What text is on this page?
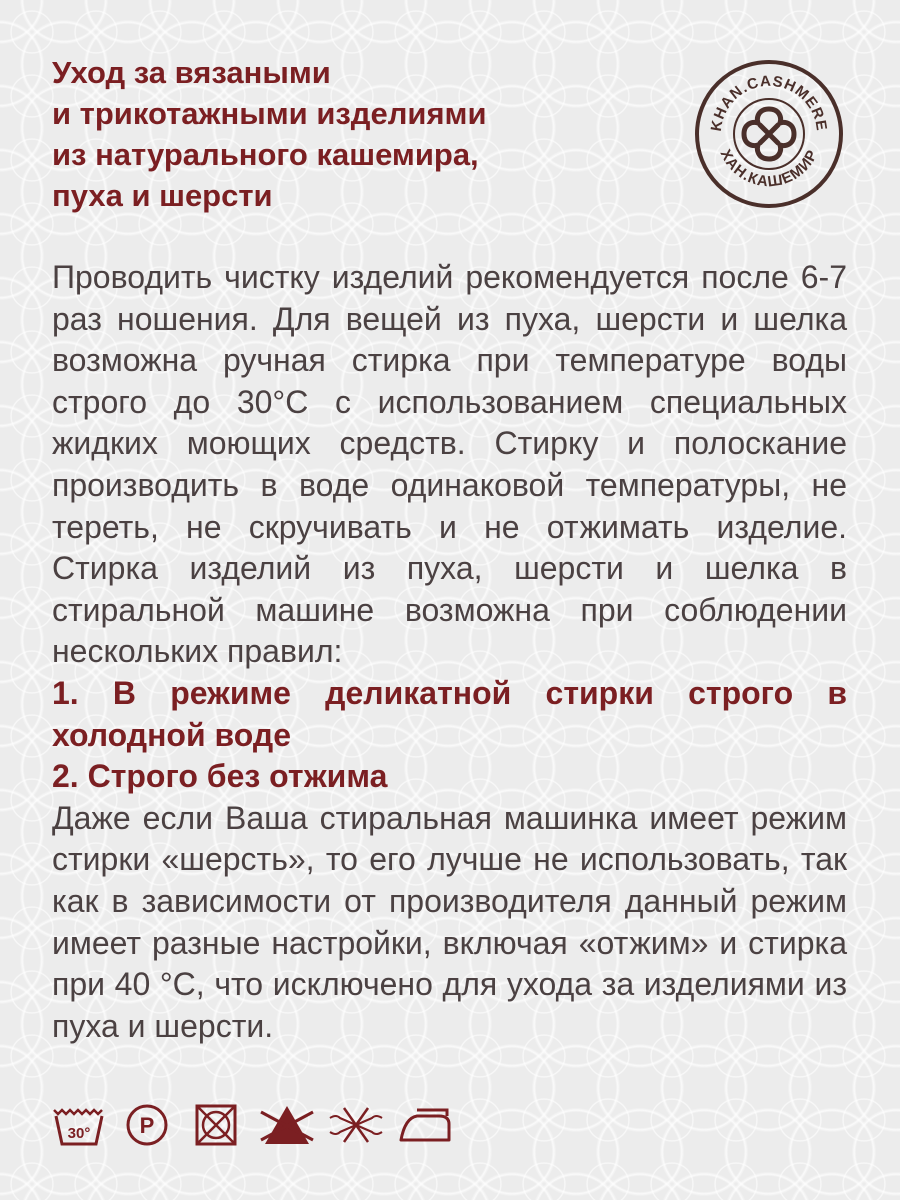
Уход за вязаными
и трикотажными изделиями
из натурального кашемира,
пуха и шерсти
KHAN.CASHMERE
ХАН.КАШЕМИР

Проводить чистку изделий рекомендуется после 6-7 раз ношения. Для вещей из пуха, шерсти и шелка возможна ручная стирка при температуре воды строго до 30°С с использованием специальных жидких моющих средств. Стирку и полоскание производить в воде одинаковой температуры, не тереть, не скручивать и не отжимать изделие. Стирка изделий из пуха, шерсти и шелка в стиральной машине возможна при соблюдении нескольких правил:

1. В режиме деликатной стирки строго в холодной воде

2. Строго без отжима

Даже если Ваша стиральная машинка имеет режим стирки «шерсть», то его лучше не использовать, так как в зависимости от производителя данный режим имеет разные настройки, включая «отжим» и стирка при 40 °С, что исключено для ухода за изделиями из пуха и шерсти.

30° P
